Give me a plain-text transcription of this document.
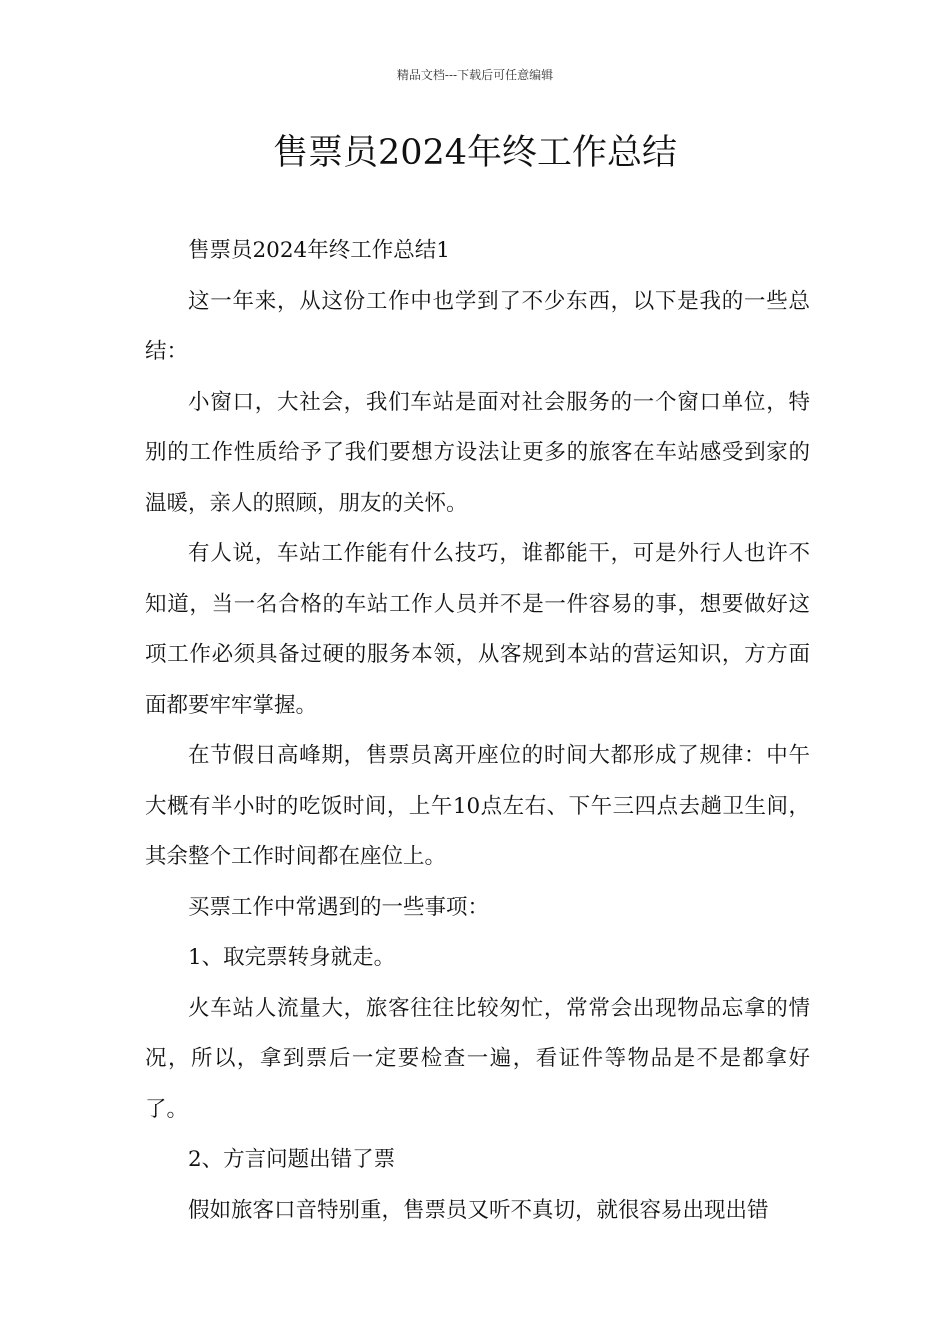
精品文档---下载后可任意编辑
售票员2024年终工作总结

售票员2024年终工作总结1

这一年来，从这份工作中也学到了不少东西，以下是我的一些总结：

小窗口，大社会，我们车站是面对社会服务的一个窗口单位，特别的工作性质给予了我们要想方设法让更多的旅客在车站感受到家的温暖，亲人的照顾，朋友的关怀。

有人说，车站工作能有什么技巧，谁都能干，可是外行人也许不知道，当一名合格的车站工作人员并不是一件容易的事，想要做好这项工作必须具备过硬的服务本领，从客规到本站的营运知识，方方面面都要牢牢掌握。

在节假日高峰期，售票员离开座位的时间大都形成了规律：中午大概有半小时的吃饭时间，上午10点左右、下午三四点去趟卫生间，其余整个工作时间都在座位上。

买票工作中常遇到的一些事项：

1、取完票转身就走。

火车站人流量大，旅客往往比较匆忙，常常会出现物品忘拿的情况，所以，拿到票后一定要检查一遍，看证件等物品是不是都拿好了。

2、方言问题出错了票

假如旅客口音特别重，售票员又听不真切，就很容易出现出错
